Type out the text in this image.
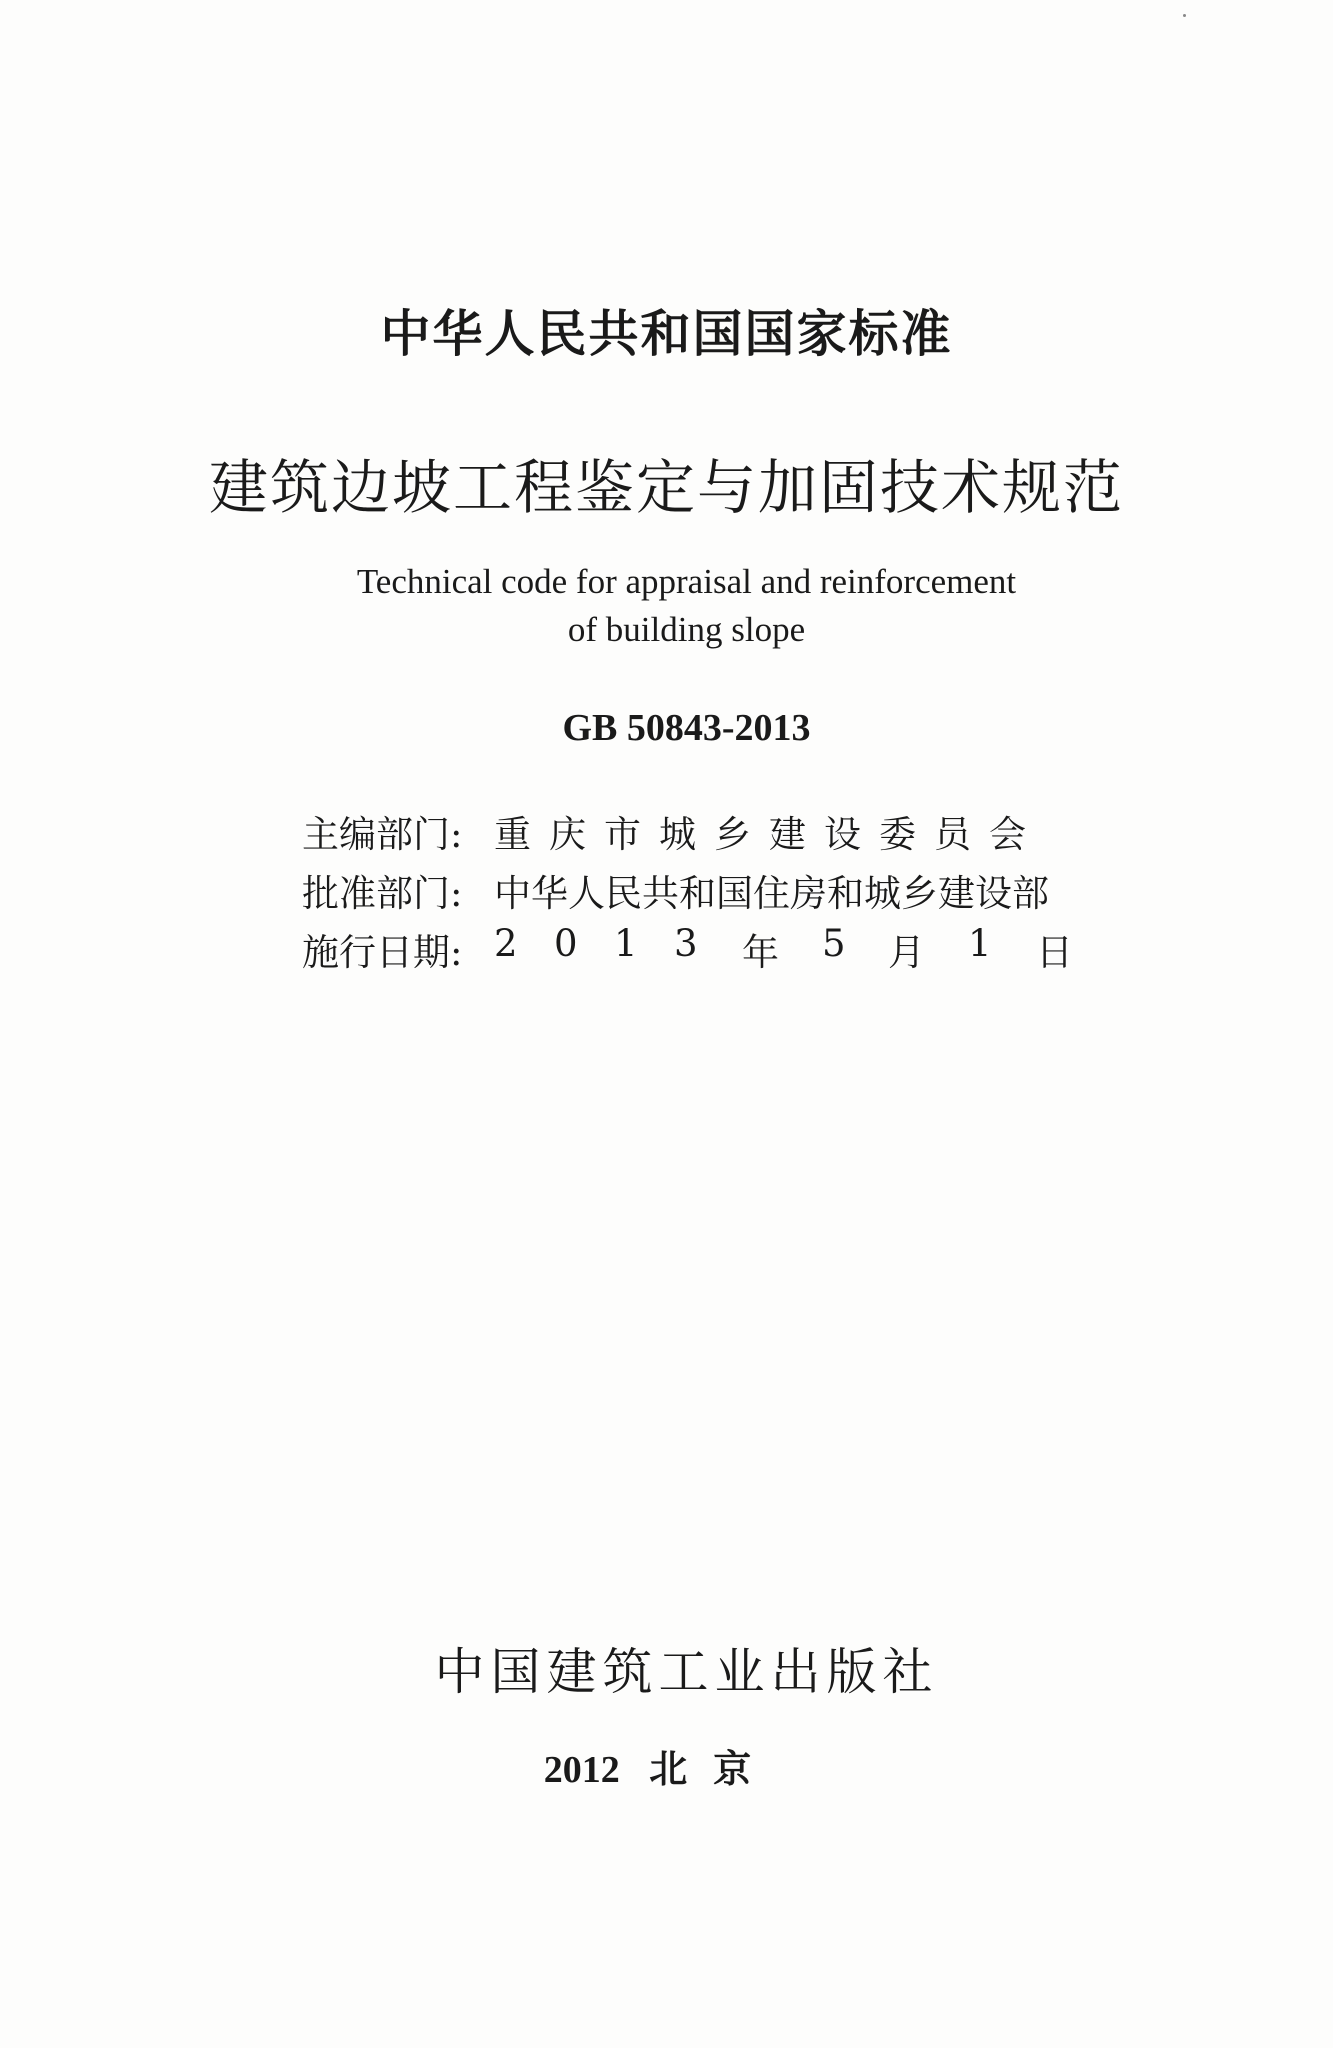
中华人民共和国国家标准
建筑边坡工程鉴定与加固技术规范
Technical code for appraisal and reinforcement
of building slope
GB 50843-2013
主编部门: 重庆市城乡建设委员会
批准部门: 中华人民共和国住房和城乡建设部
施行日期: 2 0 1 3 年 5 月 1 日
中国建筑工业出版社
2012 北京
